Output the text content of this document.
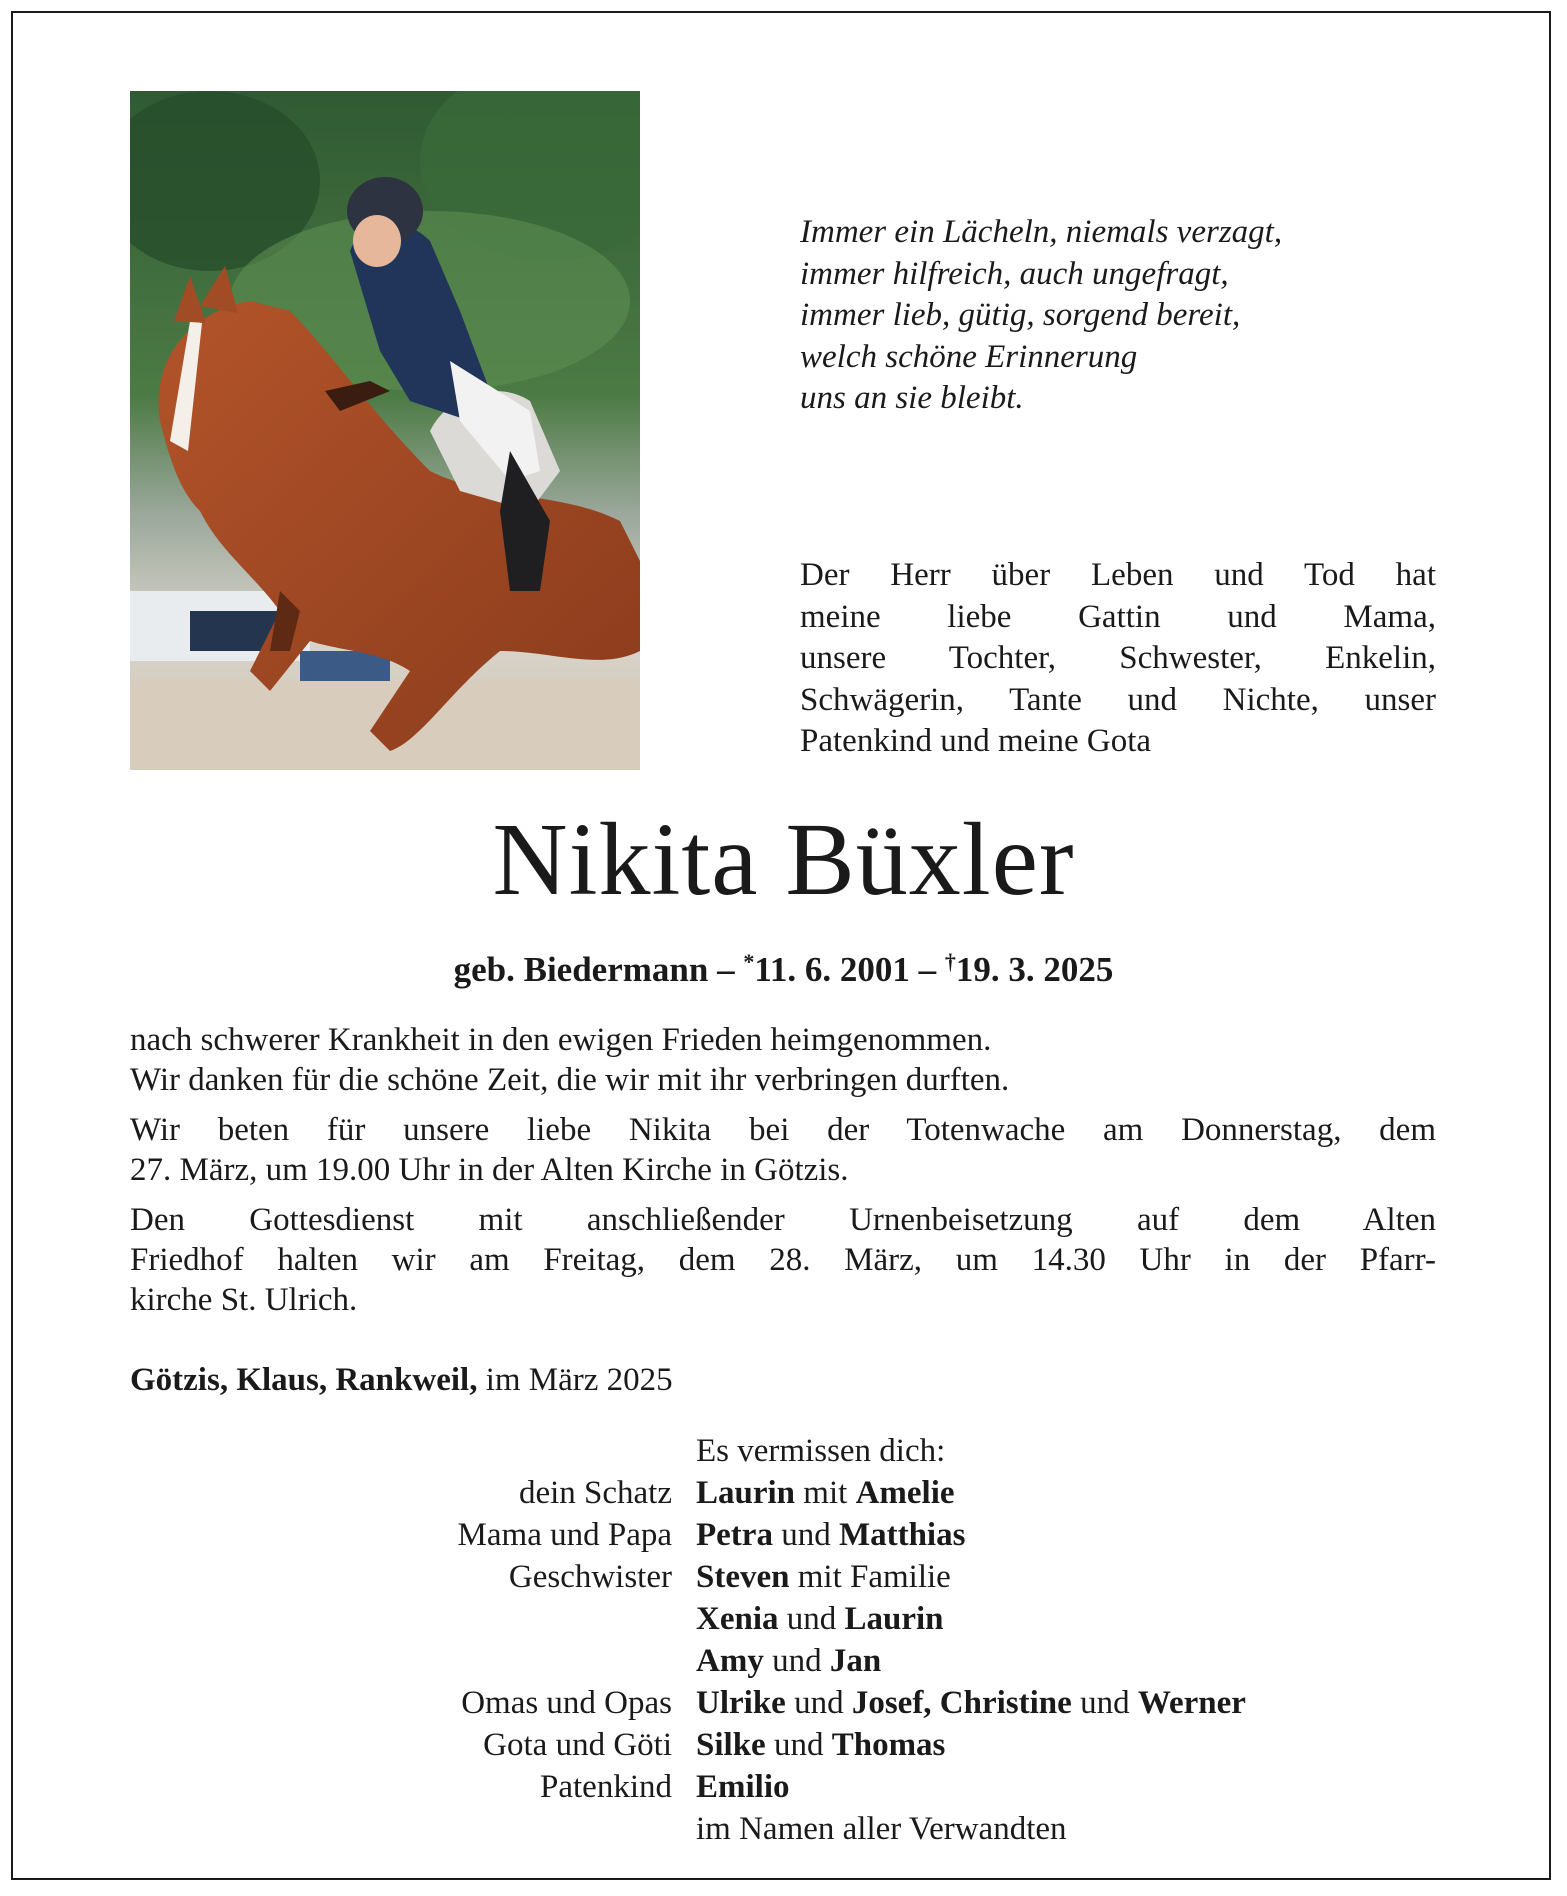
Immer ein Lächeln, niemals verzagt,
immer hilfreich, auch ungefragt,
immer lieb, gütig, sorgend bereit,
welch schöne Erinnerung
uns an sie bleibt.
Der Herr über Leben und Tod hat
meine liebe Gattin und Mama,
unsere Tochter, Schwester, Enkelin,
Schwägerin, Tante und Nichte, unser
Patenkind und meine Gota
Nikita Büxler
geb. Biedermann – *11. 6. 2001 – †19. 3. 2025
nach schwerer Krankheit in den ewigen Frieden heimgenommen.
Wir danken für die schöne Zeit, die wir mit ihr verbringen durften.
Wir beten für unsere liebe Nikita bei der Totenwache am Donnerstag, dem
27. März, um 19.00 Uhr in der Alten Kirche in Götzis.
Den Gottesdienst mit anschließender Urnenbeisetzung auf dem Alten
Friedhof halten wir am Freitag, dem 28. März, um 14.30 Uhr in der Pfarr-
kirche St. Ulrich.
Götzis, Klaus, Rankweil, im März 2025
Es vermissen dich:
dein Schatz Laurin mit Amelie
Mama und Papa Petra und Matthias
Geschwister Steven mit Familie
Xenia und Laurin
Amy und Jan
Omas und Opas Ulrike und Josef, Christine und Werner
Gota und Göti Silke und Thomas
Patenkind Emilio
im Namen aller Verwandten
